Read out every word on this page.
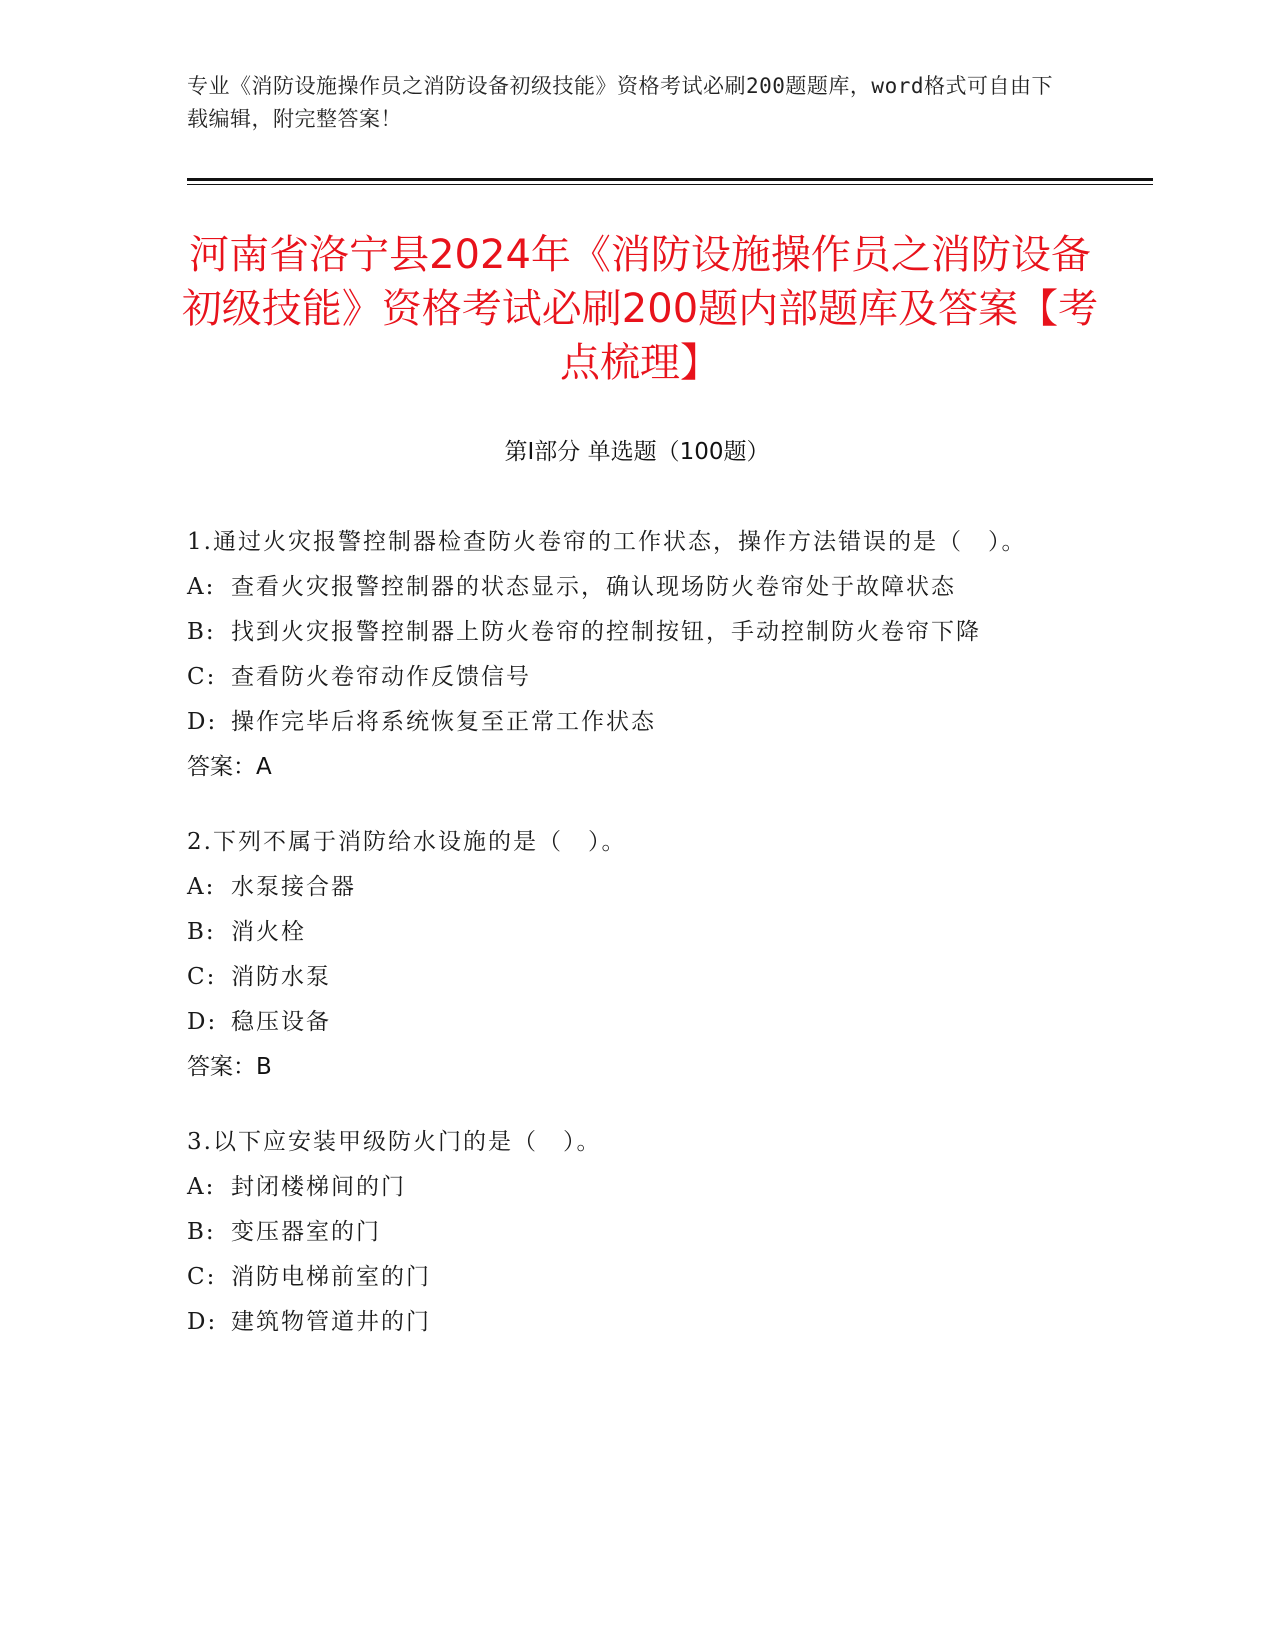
专业《消防设施操作员之消防设备初级技能》资格考试必刷200题题库，word格式可自由下载编辑，附完整答案！
河南省洛宁县2024年《消防设施操作员之消防设备初级技能》资格考试必刷200题内部题库及答案【考点梳理】
第I部分 单选题（100题）
1.通过火灾报警控制器检查防火卷帘的工作状态，操作方法错误的是（　）。
A: 查看火灾报警控制器的状态显示，确认现场防火卷帘处于故障状态
B: 找到火灾报警控制器上防火卷帘的控制按钮，手动控制防火卷帘下降
C: 查看防火卷帘动作反馈信号
D: 操作完毕后将系统恢复至正常工作状态
答案：A
2.下列不属于消防给水设施的是（　）。
A: 水泵接合器
B: 消火栓
C: 消防水泵
D: 稳压设备
答案：B
3.以下应安装甲级防火门的是（　）。
A: 封闭楼梯间的门
B: 变压器室的门
C: 消防电梯前室的门
D: 建筑物管道井的门
